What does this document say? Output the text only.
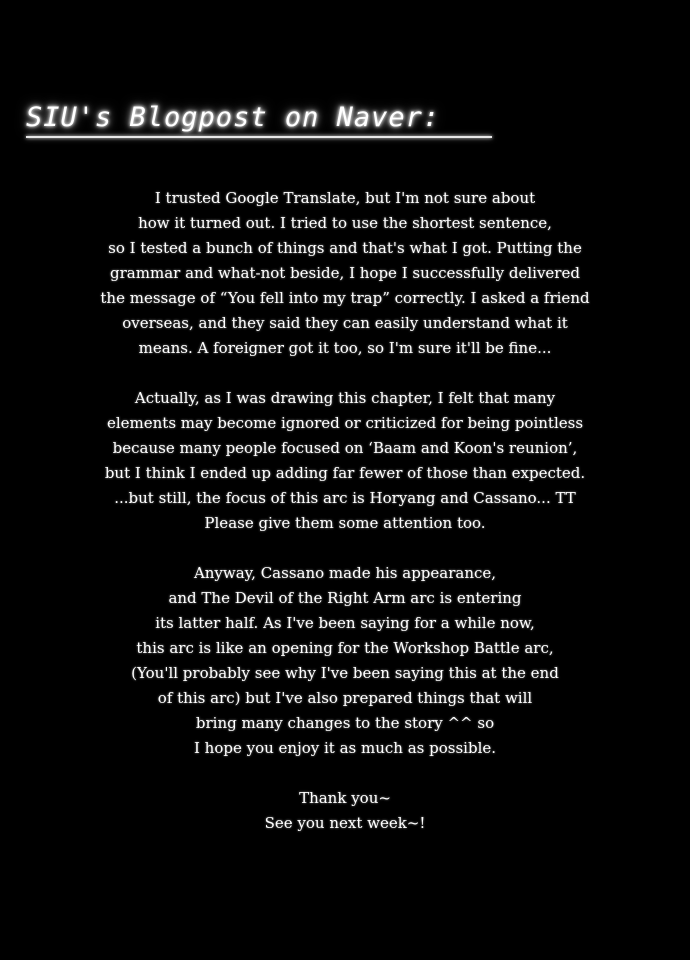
SIU's Blogpost on Naver:
I trusted Google Translate, but I'm not sure about
how it turned out. I tried to use the shortest sentence,
so I tested a bunch of things and that's what I got. Putting the
grammar and what-not beside, I hope I successfully delivered
the message of “You fell into my trap” correctly. I asked a friend
overseas, and they said they can easily understand what it
means. A foreigner got it too, so I'm sure it'll be fine...
Actually, as I was drawing this chapter, I felt that many
elements may become ignored or criticized for being pointless
because many people focused on ‘Baam and Koon's reunion’,
but I think I ended up adding far fewer of those than expected.
...but still, the focus of this arc is Horyang and Cassano... TT
Please give them some attention too.
Anyway, Cassano made his appearance,
and The Devil of the Right Arm arc is entering
its latter half. As I've been saying for a while now,
this arc is like an opening for the Workshop Battle arc,
(You'll probably see why I've been saying this at the end
of this arc) but I've also prepared things that will
bring many changes to the story ^^ so
I hope you enjoy it as much as possible.
Thank you~
See you next week~!
